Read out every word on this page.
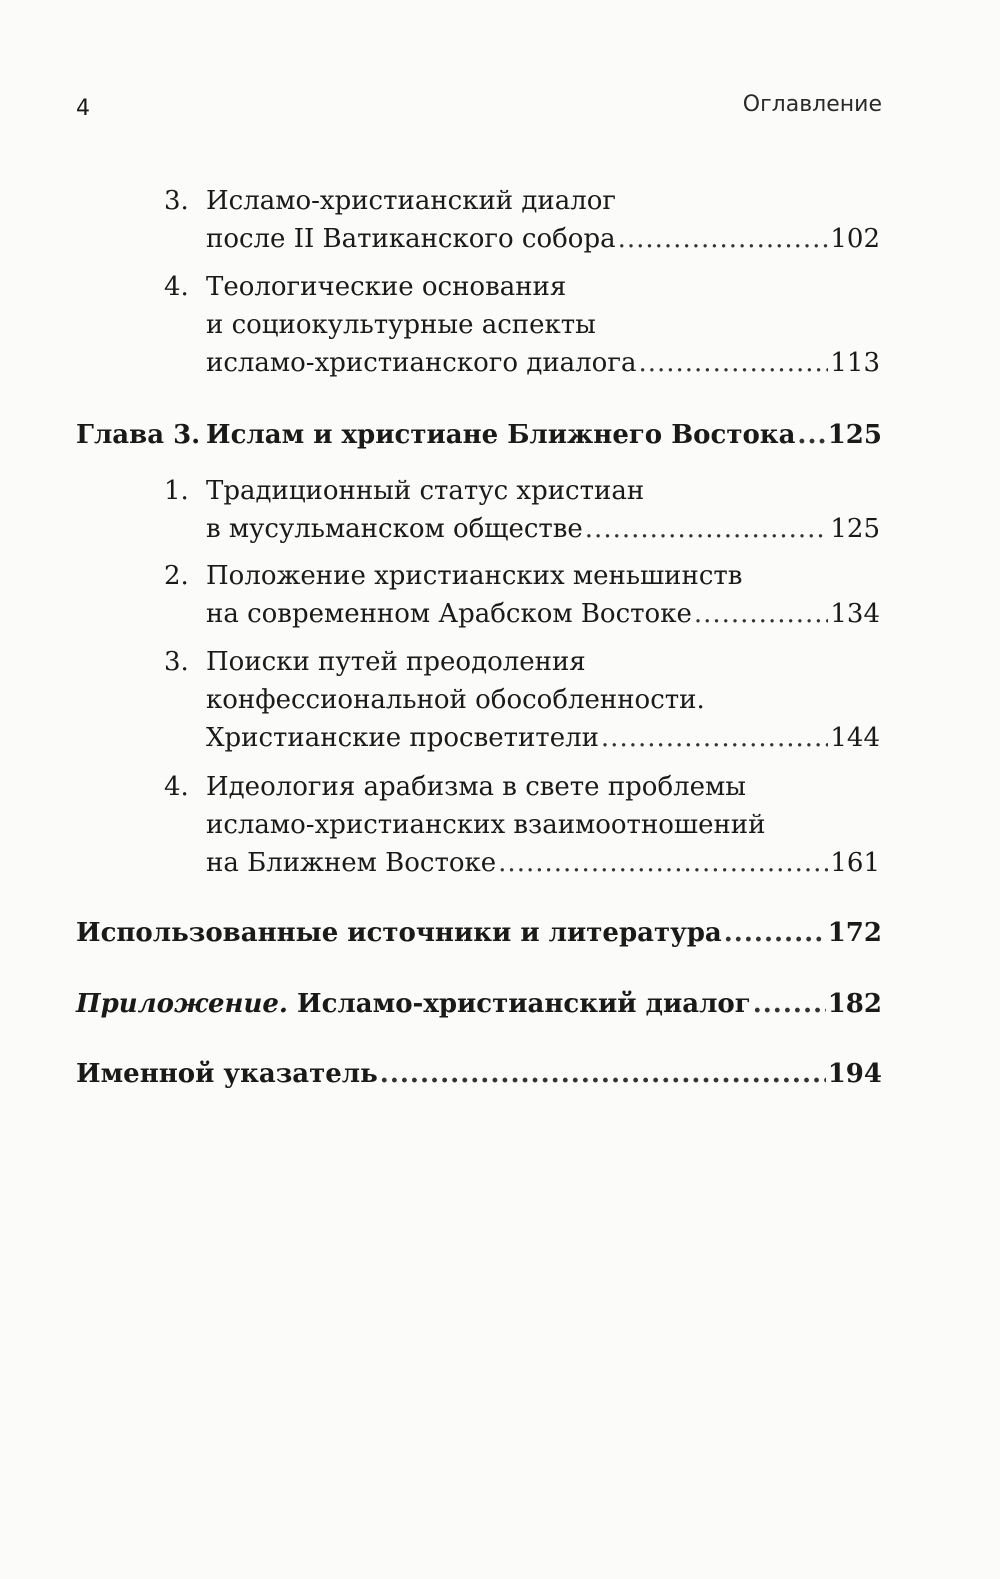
4	Оглавление
3. Исламо-христианский диалог
после II Ватиканского собора .....	102
4. Теологические основания
и социокультурные аспекты
исламо-христианского диалога .....	113
Глава 3. Ислам и христиане Ближнего Востока ..... 125
1. Традиционный статус христиан
в мусульманском обществе .....	125
2. Положение христианских меньшинств
на современном Арабском Востоке .....	134
3. Поиски путей преодоления
конфессиональной обособленности.
Христианские просветители .....	144
4. Идеология арабизма в свете проблемы
исламо-христианских взаимоотношений
на Ближнем Востоке .....	161
Использованные источники и литература .....	172
Приложение. Исламо-христианский диалог .....	182
Именной указатель .....	194
